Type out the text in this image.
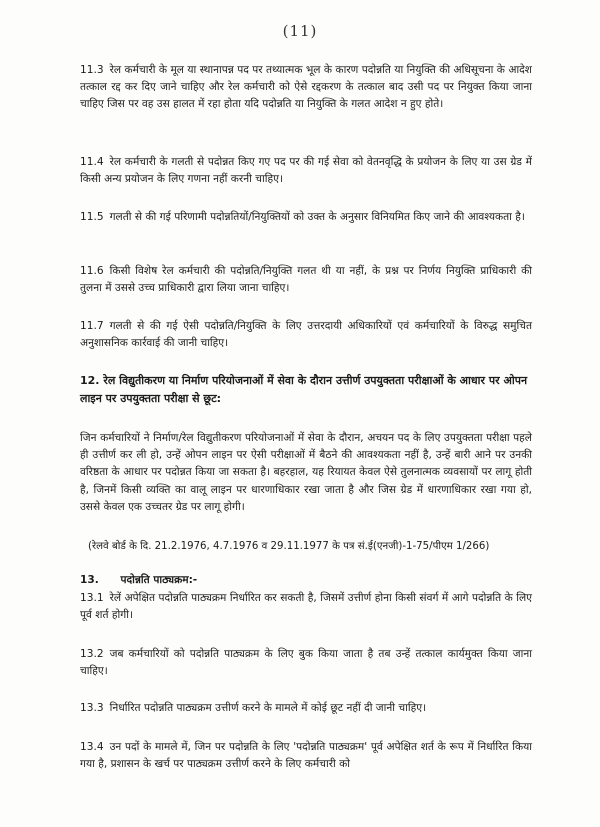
(11)

11.3 रेल कर्मचारी के मूल या स्थानापन्न पद पर तथ्यात्मक भूल के कारण पदोन्नति या नियुक्ति की अधिसूचना के आदेश तत्काल रद्द कर दिए जाने चाहिए और रेल कर्मचारी को ऐसे रद्दकरण के तत्काल बाद उसी पद पर नियुक्त किया जाना चाहिए जिस पर वह उस हालत में रहा होता यदि पदोन्नति या नियुक्ति के गलत आदेश न हुए होते।

11.4 रेल कर्मचारी के गलती से पदोन्नत किए गए पद पर की गई सेवा को वेतनवृद्धि के प्रयोजन के लिए या उस ग्रेड में किसी अन्य प्रयोजन के लिए गणना नहीं करनी चाहिए।

11.5 गलती से की गई परिणामी पदोन्नतियों/नियुक्तियों को उक्त के अनुसार विनियमित किए जाने की आवश्यकता है।

11.6 किसी विशेष रेल कर्मचारी की पदोन्नति/नियुक्ति गलत थी या नहीं, के प्रश्न पर निर्णय नियुक्ति प्राधिकारी की तुलना में उससे उच्च प्राधिकारी द्वारा लिया जाना चाहिए।

11.7 गलती से की गई ऐसी पदोन्नति/नियुक्ति के लिए उत्तरदायी अधिकारियों एवं कर्मचारियों के विरुद्ध समुचित अनुशासनिक कार्रवाई की जानी चाहिए।

12. रेल विद्युतीकरण या निर्माण परियोजनाओं में सेवा के दौरान उत्तीर्ण उपयुक्तता परीक्षाओं के आधार पर ओपन लाइन पर उपयुक्तता परीक्षा से छूट:

जिन कर्मचारियों ने निर्माण/रेल विद्युतीकरण परियोजनाओं में सेवा के दौरान, अचयन पद के लिए उपयुक्तता परीक्षा पहले ही उत्तीर्ण कर ली हो, उन्हें ओपन लाइन पर ऐसी परीक्षाओं में बैठने की आवश्यकता नहीं है, उन्हें बारी आने पर उनकी वरिष्ठता के आधार पर पदोन्नत किया जा सकता है। बहरहाल, यह रियायत केवल ऐसे तुलनात्मक व्यवसायों पर लागू होती है, जिनमें किसी व्यक्ति का वालू लाइन पर धारणाधिकार रखा जाता है और जिस ग्रेड में धारणाधिकार रखा गया हो, उससे केवल एक उच्चतर ग्रेड पर लागू होगी।

(रेलवे बोर्ड के दि. 21.2.1976, 4.7.1976 व 29.11.1977 के पत्र सं.ई(एनजी)-1-75/पीएम 1/266)

13. पदोन्नति पाठ्यक्रम:-

13.1 रेलें अपेक्षित पदोन्नति पाठ्यक्रम निर्धारित कर सकती है, जिसमें उत्तीर्ण होना किसी संवर्ग में आगे पदोन्नति के लिए पूर्व शर्त होगी।

13.2 जब कर्मचारियों को पदोन्नति पाठ्यक्रम के लिए बुक किया जाता है तब उन्हें तत्काल कार्यमुक्त किया जाना चाहिए।

13.3 निर्धारित पदोन्नति पाठ्यक्रम उत्तीर्ण करने के मामले में कोई छूट नहीं दी जानी चाहिए।

13.4 उन पदों के मामले में, जिन पर पदोन्नति के लिए 'पदोन्नति पाठ्यक्रम' पूर्व अपेक्षित शर्त के रूप में निर्धारित किया गया है, प्रशासन के खर्च पर पाठ्यक्रम उत्तीर्ण करने के लिए कर्मचारी को
